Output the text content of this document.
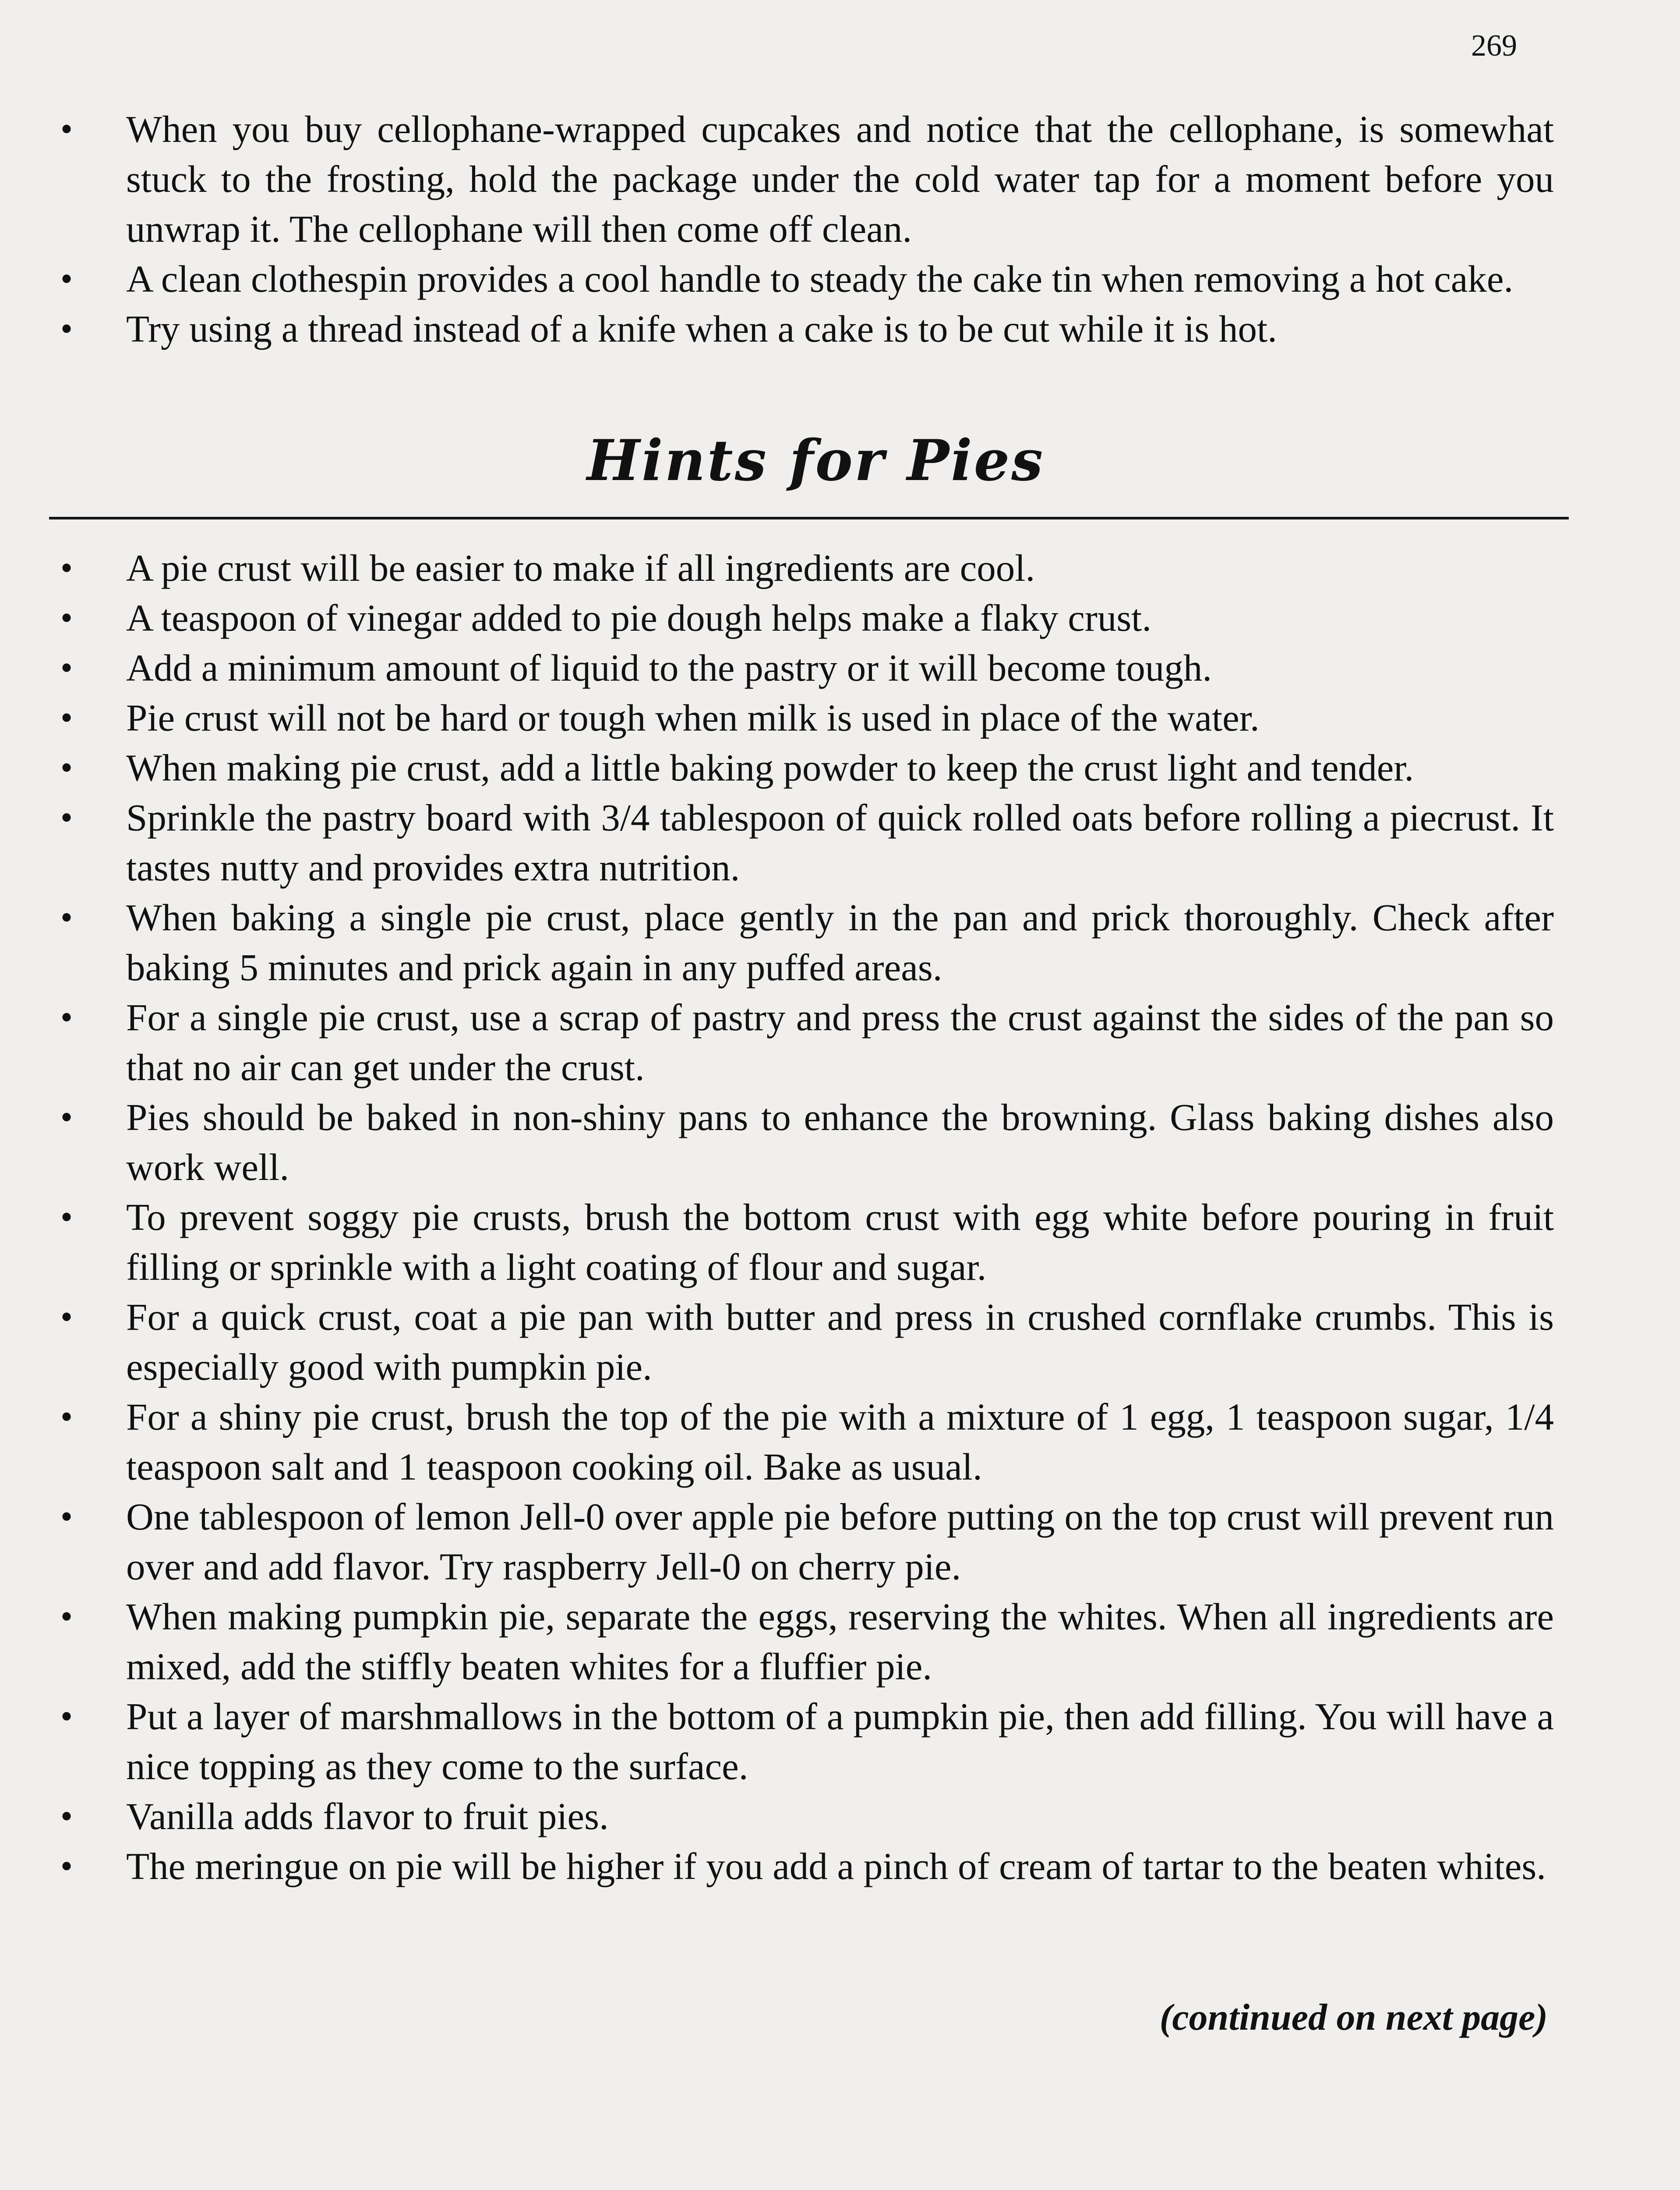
269

• When you buy cellophane-wrapped cupcakes and notice that the cellophane, is somewhat stuck to the frosting, hold the package under the cold water tap for a moment before you unwrap it. The cellophane will then come off clean.
• A clean clothespin provides a cool handle to steady the cake tin when removing a hot cake.
• Try using a thread instead of a knife when a cake is to be cut while it is hot.
Hints for Pies
• A pie crust will be easier to make if all ingredients are cool.
• A teaspoon of vinegar added to pie dough helps make a flaky crust.
• Add a minimum amount of liquid to the pastry or it will become tough.
• Pie crust will not be hard or tough when milk is used in place of the water.
• When making pie crust, add a little baking powder to keep the crust light and tender.
• Sprinkle the pastry board with 3/4 tablespoon of quick rolled oats before rolling a piecrust. It tastes nutty and provides extra nutrition.
• When baking a single pie crust, place gently in the pan and prick thoroughly. Check after baking 5 minutes and prick again in any puffed areas.
• For a single pie crust, use a scrap of pastry and press the crust against the sides of the pan so that no air can get under the crust.
• Pies should be baked in non-shiny pans to enhance the browning. Glass baking dishes also work well.
• To prevent soggy pie crusts, brush the bottom crust with egg white before pouring in fruit filling or sprinkle with a light coating of flour and sugar.
• For a quick crust, coat a pie pan with butter and press in crushed cornflake crumbs. This is especially good with pumpkin pie.
• For a shiny pie crust, brush the top of the pie with a mixture of 1 egg, 1 teaspoon sugar, 1/4 teaspoon salt and 1 teaspoon cooking oil. Bake as usual.
• One tablespoon of lemon Jell-0 over apple pie before putting on the top crust will prevent run over and add flavor. Try raspberry Jell-0 on cherry pie.
• When making pumpkin pie, separate the eggs, reserving the whites. When all ingredients are mixed, add the stiffly beaten whites for a fluffier pie.
• Put a layer of marshmallows in the bottom of a pumpkin pie, then add filling. You will have a nice topping as they come to the surface.
• Vanilla adds flavor to fruit pies.
• The meringue on pie will be higher if you add a pinch of cream of tartar to the beaten whites.

(continued on next page)
